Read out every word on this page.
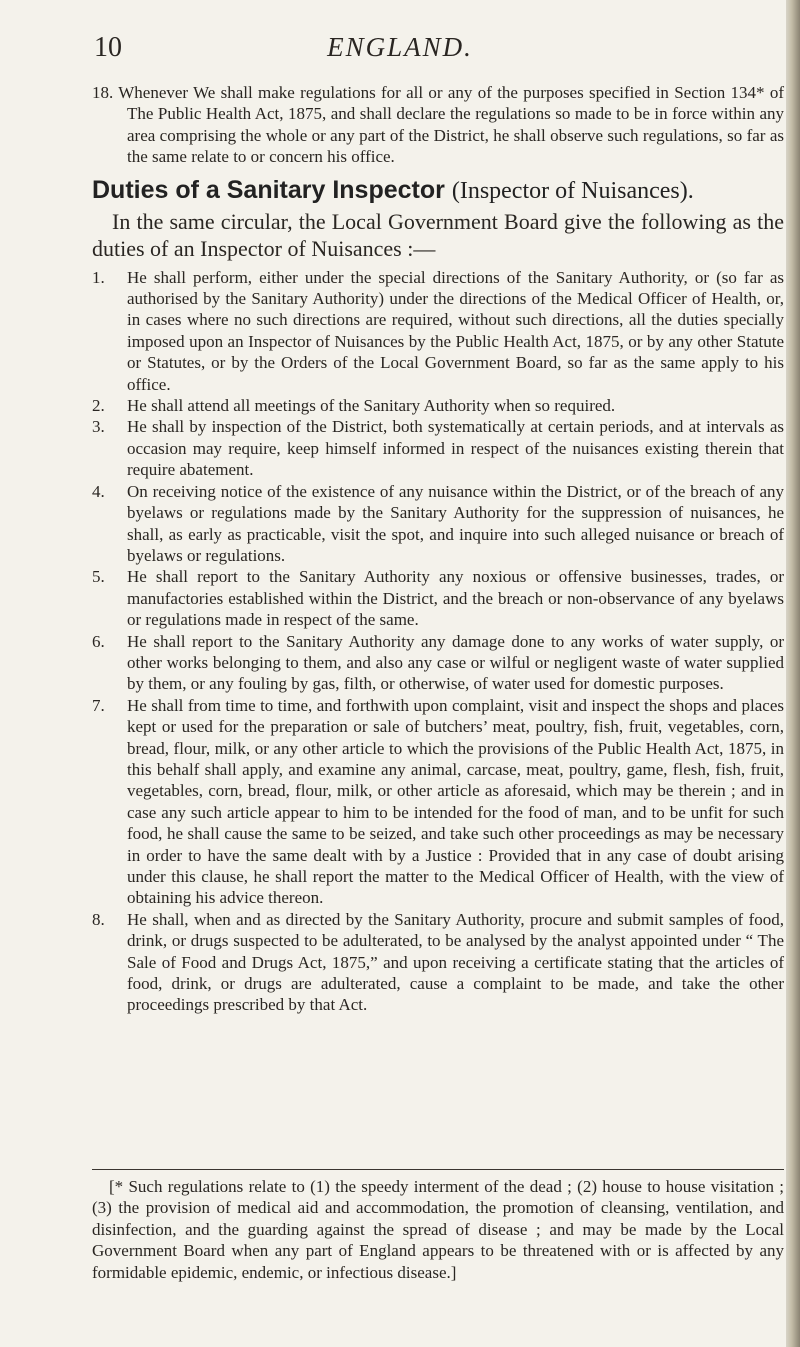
10	ENGLAND.

18. Whenever We shall make regulations for all or any of the purposes specified in Section 134* of The Public Health Act, 1875, and shall declare the regulations so made to be in force within any area comprising the whole or any part of the District, he shall observe such regulations, so far as the same relate to or concern his office.

Duties of a Sanitary Inspector (Inspector of Nuisances).

In the same circular, the Local Government Board give the following as the duties of an Inspector of Nuisances :—

1.	He shall perform, either under the special directions of the Sanitary Authority, or (so far as authorised by the Sanitary Authority) under the directions of the Medical Officer of Health, or, in cases where no such directions are required, without such directions, all the duties specially imposed upon an Inspector of Nuisances by the Public Health Act, 1875, or by any other Statute or Statutes, or by the Orders of the Local Government Board, so far as the same apply to his office.
2.	He shall attend all meetings of the Sanitary Authority when so required.
3.	He shall by inspection of the District, both systematically at certain periods, and at intervals as occasion may require, keep himself informed in respect of the nuisances existing therein that require abatement.
4.	On receiving notice of the existence of any nuisance within the District, or of the breach of any byelaws or regulations made by the Sanitary Authority for the suppression of nuisances, he shall, as early as practicable, visit the spot, and inquire into such alleged nuisance or breach of byelaws or regulations.
5.	He shall report to the Sanitary Authority any noxious or offensive businesses, trades, or manufactories established within the District, and the breach or non-observance of any byelaws or regulations made in respect of the same.
6.	He shall report to the Sanitary Authority any damage done to any works of water supply, or other works belonging to them, and also any case or wilful or negligent waste of water supplied by them, or any fouling by gas, filth, or otherwise, of water used for domestic purposes.
7.	He shall from time to time, and forthwith upon complaint, visit and inspect the shops and places kept or used for the preparation or sale of butchers’ meat, poultry, fish, fruit, vegetables, corn, bread, flour, milk, or any other article to which the provisions of the Public Health Act, 1875, in this behalf shall apply, and examine any animal, carcase, meat, poultry, game, flesh, fish, fruit, vegetables, corn, bread, flour, milk, or other article as aforesaid, which may be therein ; and in case any such article appear to him to be intended for the food of man, and to be unfit for such food, he shall cause the same to be seized, and take such other proceedings as may be necessary in order to have the same dealt with by a Justice : Provided that in any case of doubt arising under this clause, he shall report the matter to the Medical Officer of Health, with the view of obtaining his advice thereon.
8.	He shall, when and as directed by the Sanitary Authority, procure and submit samples of food, drink, or drugs suspected to be adulterated, to be analysed by the analyst appointed under “ The Sale of Food and Drugs Act, 1875,” and upon receiving a certificate stating that the articles of food, drink, or drugs are adulterated, cause a complaint to be made, and take the other proceedings prescribed by that Act.

[* Such regulations relate to (1) the speedy interment of the dead ; (2) house to house visitation ; (3) the provision of medical aid and accommodation, the promotion of cleansing, ventilation, and disinfection, and the guarding against the spread of disease ; and may be made by the Local Government Board when any part of England appears to be threatened with or is affected by any formidable epidemic, endemic, or infectious disease.]
